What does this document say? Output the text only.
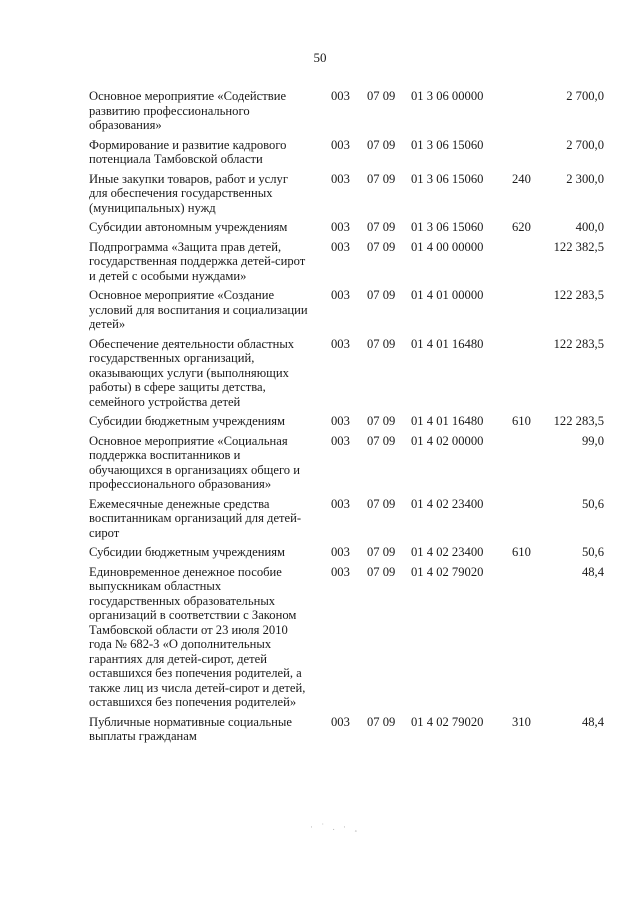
50
Основное мероприятие «Содействие развитию профессионального образования»	003	07 09	01 3 06 00000		2 700,0
Формирование и развитие кадрового потенциала Тамбовской области	003	07 09	01 3 06 15060		2 700,0
Иные закупки товаров, работ и услуг для обеспечения государственных (муниципальных) нужд	003	07 09	01 3 06 15060	240	2 300,0
Субсидии автономным учреждениям	003	07 09	01 3 06 15060	620	400,0
Подпрограмма «Защита прав детей, государственная поддержка детей-сирот и детей с особыми нуждами»	003	07 09	01 4 00 00000		122 382,5
Основное мероприятие «Создание условий для воспитания и социализации детей»	003	07 09	01 4 01 00000		122 283,5
Обеспечение деятельности областных государственных организаций, оказывающих услуги (выполняющих работы) в сфере защиты детства, семейного устройства детей	003	07 09	01 4 01 16480		122 283,5
Субсидии бюджетным учреждениям	003	07 09	01 4 01 16480	610	122 283,5
Основное мероприятие «Социальная поддержка воспитанников и обучающихся в организациях общего и профессионального образования»	003	07 09	01 4 02 00000		99,0
Ежемесячные денежные средства воспитанникам организаций для детей-сирот	003	07 09	01 4 02 23400		50,6
Субсидии бюджетным учреждениям	003	07 09	01 4 02 23400	610	50,6
Единовременное денежное пособие выпускникам областных государственных образовательных организаций в соответствии с Законом Тамбовской области от 23 июля 2010 года № 682-З «О дополнительных гарантиях для детей-сирот, детей оставшихся без попечения родителей, а также лиц из числа детей-сирот и детей, оставшихся без попечения родителей»	003	07 09	01 4 02 79020		48,4
Публичные нормативные социальные выплаты гражданам	003	07 09	01 4 02 79020	310	48,4
· ˙ . · ¸
